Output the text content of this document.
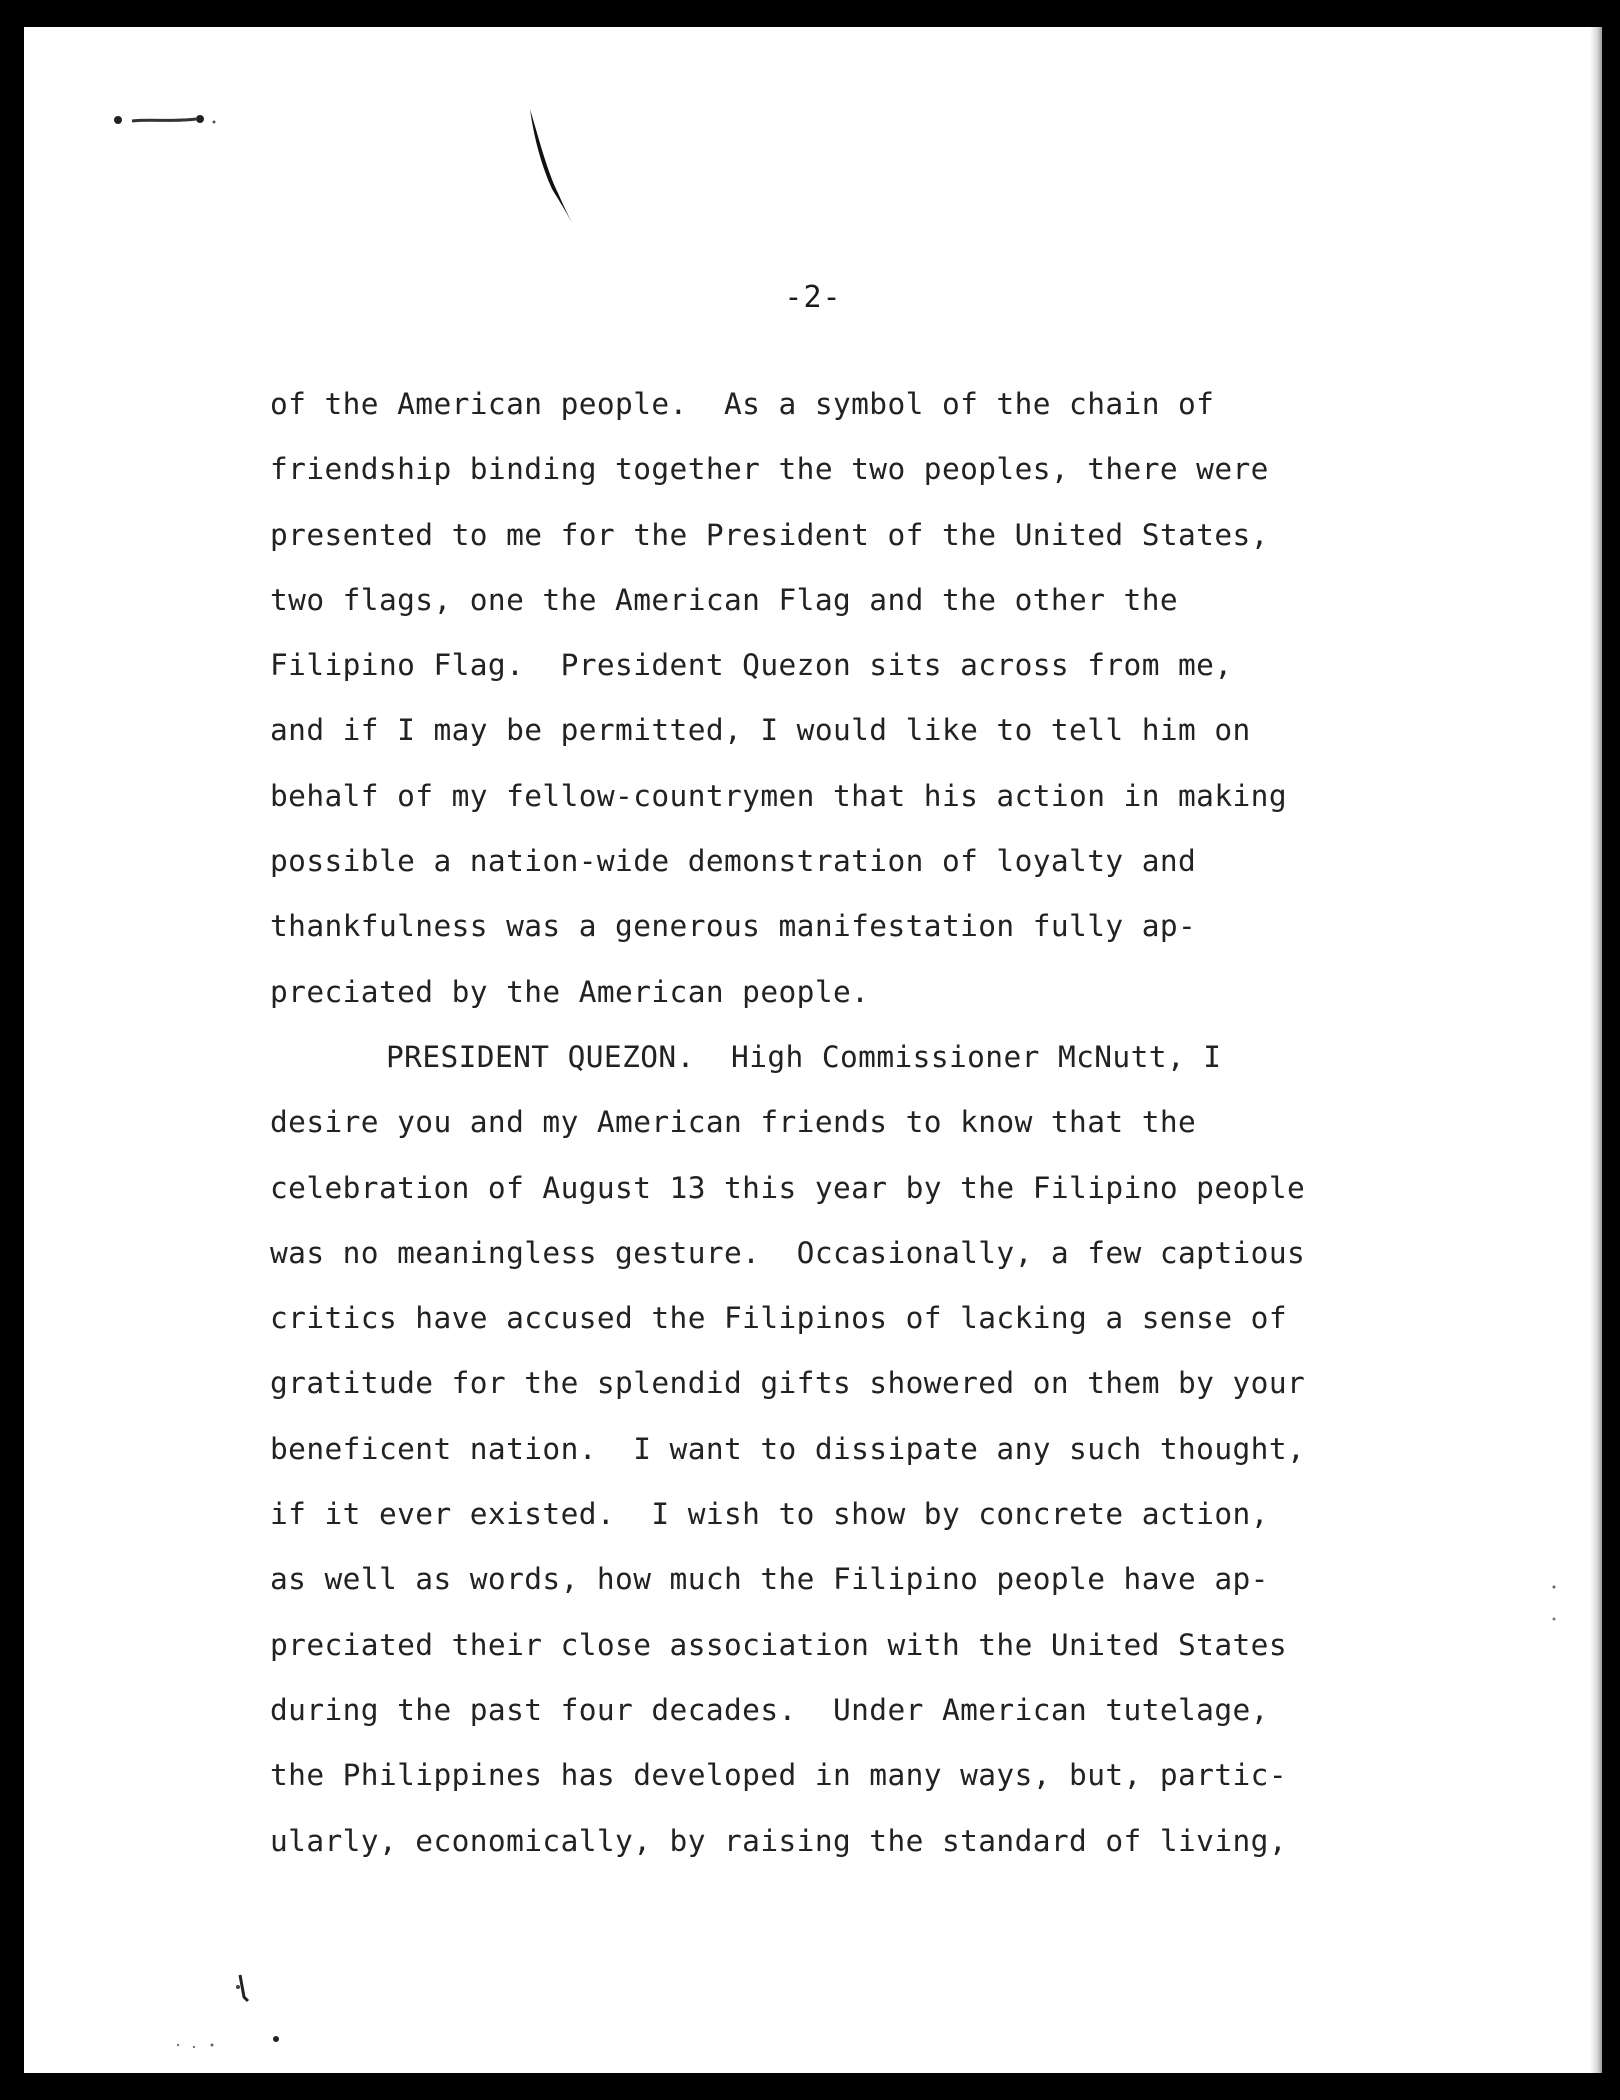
-2-
of the American people.  As a symbol of the chain of
friendship binding together the two peoples, there were
presented to me for the President of the United States,
two flags, one the American Flag and the other the
Filipino Flag.  President Quezon sits across from me,
and if I may be permitted, I would like to tell him on
behalf of my fellow-countrymen that his action in making
possible a nation-wide demonstration of loyalty and
thankfulness was a generous manifestation fully ap-
preciated by the American people.
PRESIDENT QUEZON.  High Commissioner McNutt, I
desire you and my American friends to know that the
celebration of August 13 this year by the Filipino people
was no meaningless gesture.  Occasionally, a few captious
critics have accused the Filipinos of lacking a sense of
gratitude for the splendid gifts showered on them by your
beneficent nation.  I want to dissipate any such thought,
if it ever existed.  I wish to show by concrete action,
as well as words, how much the Filipino people have ap-
preciated their close association with the United States
during the past four decades.  Under American tutelage,
the Philippines has developed in many ways, but, partic-
ularly, economically, by raising the standard of living,
